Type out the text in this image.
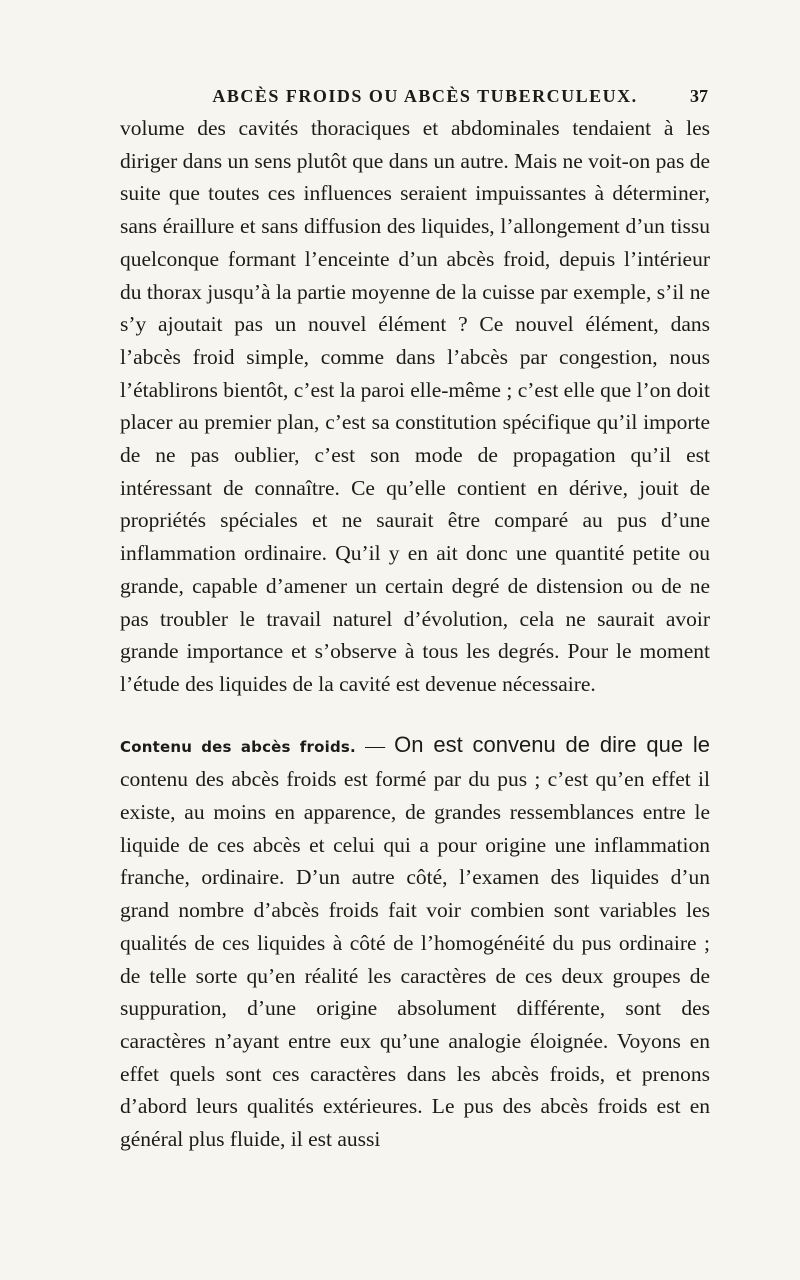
ABCÈS FROIDS OU ABCÈS TUBERCULEUX.	37

volume des cavités thoraciques et abdominales tendaient à les diriger dans un sens plutôt que dans un autre. Mais ne voit-on pas de suite que toutes ces influences seraient impuissantes à déterminer, sans éraillure et sans diffusion des liquides, l’allongement d’un tissu quelconque formant l’enceinte d’un abcès froid, depuis l’intérieur du thorax jusqu’à la partie moyenne de la cuisse par exemple, s’il ne s’y ajoutait pas un nouvel élément ? Ce nouvel élément, dans l’abcès froid simple, comme dans l’abcès par congestion, nous l’établirons bientôt, c’est la paroi elle-même ; c’est elle que l’on doit placer au premier plan, c’est sa constitution spécifique qu’il importe de ne pas oublier, c’est son mode de propagation qu’il est intéressant de connaître. Ce qu’elle contient en dérive, jouit de propriétés spéciales et ne saurait être comparé au pus d’une inflammation ordinaire. Qu’il y en ait donc une quantité petite ou grande, capable d’amener un certain degré de distension ou de ne pas troubler le travail naturel d’évolution, cela ne saurait avoir grande importance et s’observe à tous les degrés. Pour le moment l’étude des liquides de la cavité est devenue nécessaire.

Contenu des abcès froids. — On est convenu de dire que le contenu des abcès froids est formé par du pus ; c’est qu’en effet il existe, au moins en apparence, de grandes ressemblances entre le liquide de ces abcès et celui qui a pour origine une inflammation franche, ordinaire. D’un autre côté, l’examen des liquides d’un grand nombre d’abcès froids fait voir combien sont variables les qualités de ces liquides à côté de l’homogénéité du pus ordinaire ; de telle sorte qu’en réalité les caractères de ces deux groupes de suppuration, d’une origine absolument différente, sont des caractères n’ayant entre eux qu’une analogie éloignée. Voyons en effet quels sont ces caractères dans les abcès froids, et prenons d’abord leurs qualités extérieures. Le pus des abcès froids est en général plus fluide, il est aussi
